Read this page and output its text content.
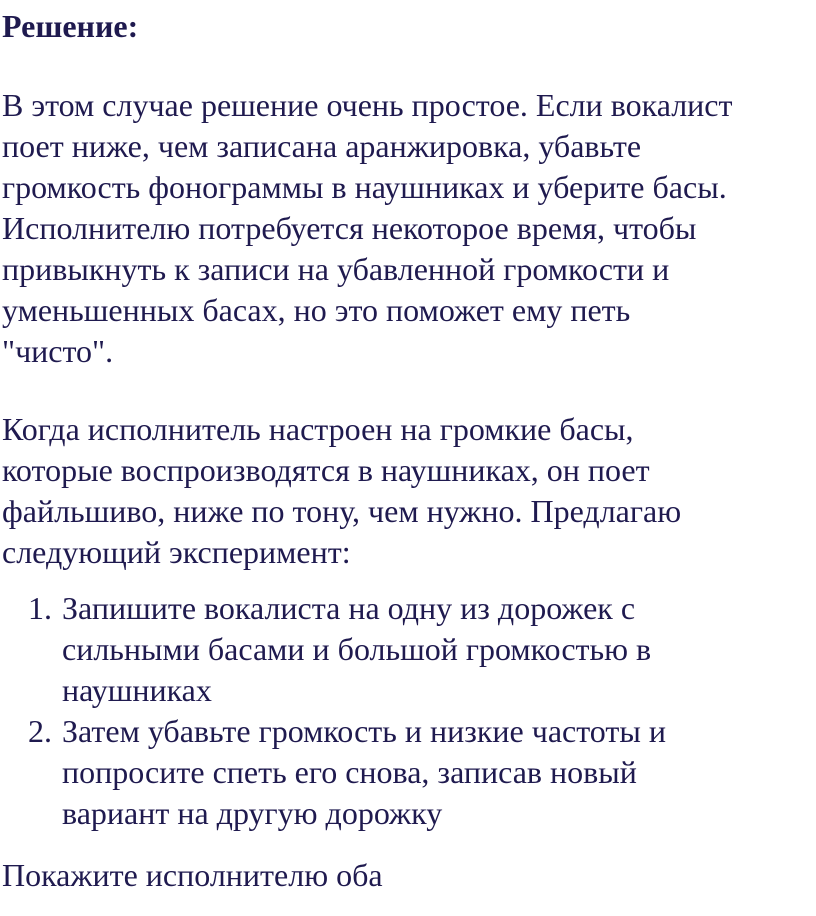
Решение:

В этом случае решение очень простое. Если вокалист
поет ниже, чем записана аранжировка, убавьте
громкость фонограммы в наушниках и уберите басы.
Исполнителю потребуется некоторое время, чтобы
привыкнуть к записи на убавленной громкости и
уменьшенных басах, но это поможет ему петь
"чисто".

Когда исполнитель настроен на громкие басы,
которые воспроизводятся в наушниках, он поет
файльшиво, ниже по тону, чем нужно. Предлагаю
следующий эксперимент:

1. Запишите вокалиста на одну из дорожек с
сильными басами и большой громкостью в
наушниках
2. Затем убавьте громкость и низкие частоты и
попросите спеть его снова, записав новый
вариант на другую дорожку

Покажите исполнителю оба
